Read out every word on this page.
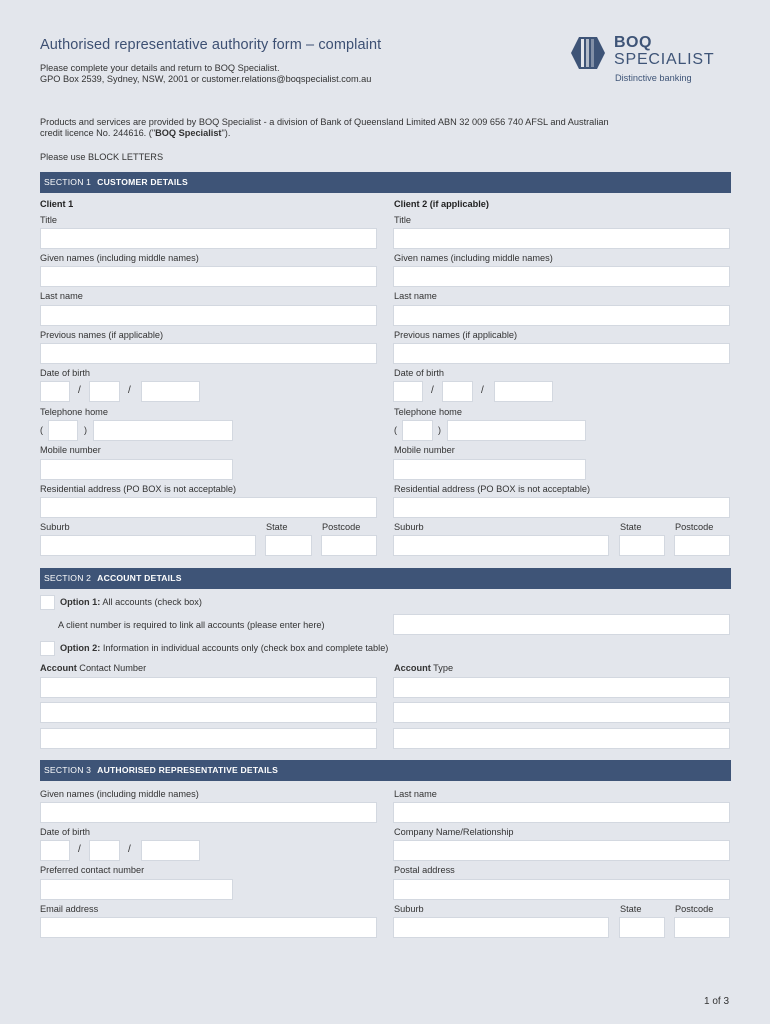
Authorised representative authority form – complaint
Please complete your details and return to BOQ Specialist.
GPO Box 2539, Sydney, NSW, 2001 or customer.relations@boqspecialist.com.au
BOQ
SPECIALIST
Distinctive banking
Products and services are provided by BOQ Specialist - a division of Bank of Queensland Limited ABN 32 009 656 740 AFSL and Australian
credit licence No. 244616. ("BOQ Specialist").
Please use BLOCK LETTERS
SECTION 1 CUSTOMER DETAILS
Client 1	Client 2 (if applicable)
Title	Title
Given names (including middle names)	Given names (including middle names)
Last name	Last name
Previous names (if applicable)	Previous names (if applicable)
Date of birth	Date of birth
/	/	/	/
Telephone home	Telephone home
(	)	(	)
Mobile number	Mobile number
Residential address (PO BOX is not acceptable)	Residential address (PO BOX is not acceptable)
Suburb	State	Postcode	Suburb	State	Postcode
SECTION 2 ACCOUNT DETAILS
Option 1: All accounts (check box)
A client number is required to link all accounts (please enter here)
Option 2: Information in individual accounts only (check box and complete table)
Account Contact Number	Account Type
SECTION 3 AUTHORISED REPRESENTATIVE DETAILS
Given names (including middle names)	Last name
Date of birth	Company Name/Relationship
/	/
Preferred contact number	Postal address
Email address	Suburb	State	Postcode
1 of 3
